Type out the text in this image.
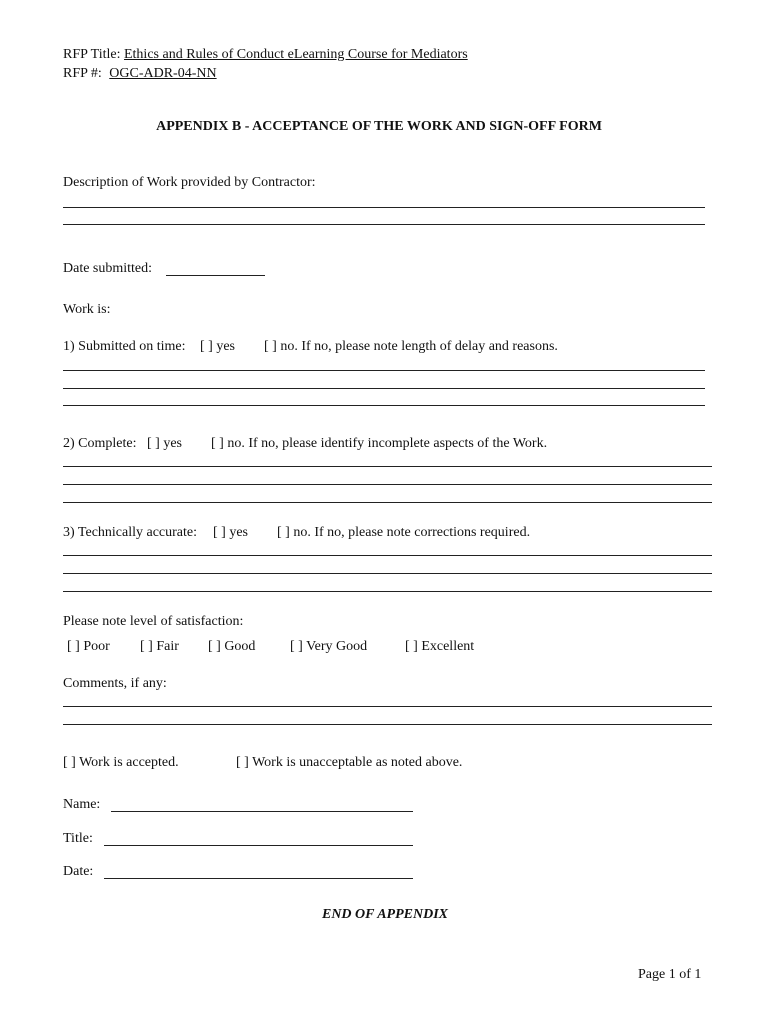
RFP Title: Ethics and Rules of Conduct eLearning Course for Mediators
RFP #: OGC-ADR-04-NN
APPENDIX B - ACCEPTANCE OF THE WORK AND SIGN-OFF FORM
Description of Work provided by Contractor:
Date submitted:
Work is:
1) Submitted on time: [ ] yes [ ] no. If no, please note length of delay and reasons.
2) Complete: [ ] yes [ ] no. If no, please identify incomplete aspects of the Work.
3) Technically accurate: [ ] yes [ ] no. If no, please note corrections required.
Please note level of satisfaction:
[ ] Poor [ ] Fair [ ] Good [ ] Very Good	[ ] Excellent
Comments, if any:
[ ] Work is accepted.	[ ] Work is unacceptable as noted above.
Name:
Title:
Date:
END OF APPENDIX
Page 1 of 1
